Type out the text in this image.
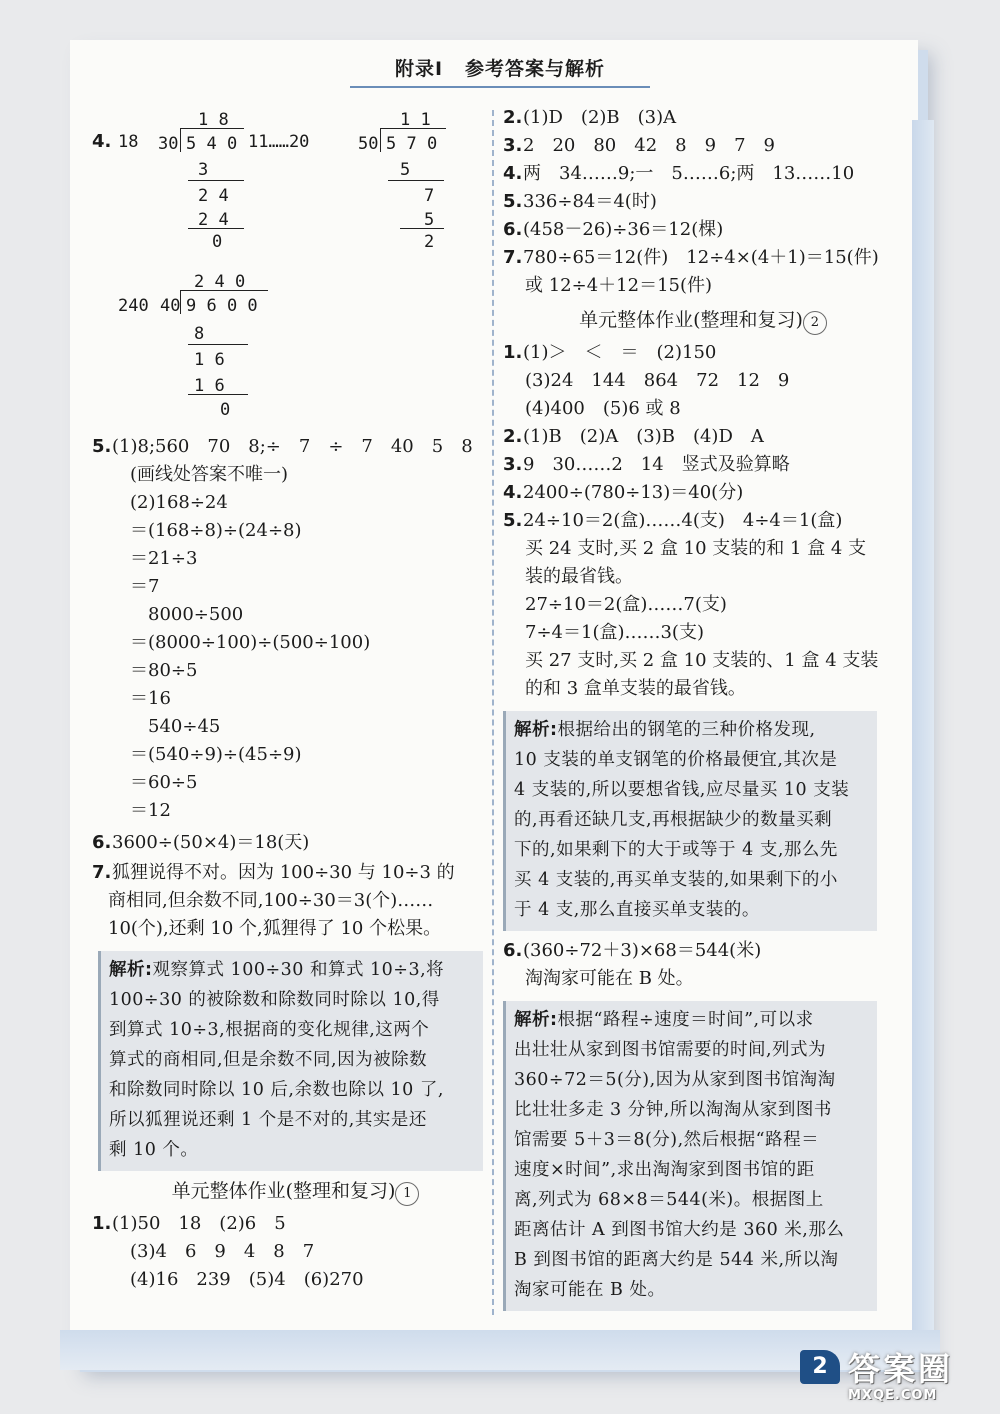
附录Ⅰ 参考答案与解析
4. 18
1 8
30 5 4 0
3
2 4
2 4
0
11……20
1 1
50 5 7 0
5
7
5
2
240
2 4 0
40 9 6 0 0
8
1 6
1 6
0
5.(1)8;560　70　8;÷　7　÷　7　40　5　8
(画线处答案不唯一)
(2)168÷24
＝(168÷8)÷(24÷8)
＝21÷3
＝7
8000÷500
＝(8000÷100)÷(500÷100)
＝80÷5
＝16
540÷45
＝(540÷9)÷(45÷9)
＝60÷5
＝12
6.3600÷(50×4)＝18(天)
7.狐狸说得不对。因为 100÷30 与 10÷3 的
商相同,但余数不同,100÷30＝3(个)……
10(个),还剩 10 个,狐狸得了 10 个松果。
解析:观察算式 100÷30 和算式 10÷3,将
100÷30 的被除数和除数同时除以 10,得
到算式 10÷3,根据商的变化规律,这两个
算式的商相同,但是余数不同,因为被除数
和除数同时除以 10 后,余数也除以 10 了,
所以狐狸说还剩 1 个是不对的,其实是还
剩 10 个。
单元整体作业(整理和复习) 1
1.(1)50　18　(2)6　5
(3)4　6　9　4　8　7
(4)16　239　(5)4　(6)270
2.(1)D　(2)B　(3)A
3.2　20　80　42　8　9　7　9
4.两　34……9;一　5……6;两　13……10
5.336÷84＝4(时)
6.(458－26)÷36＝12(棵)
7.780÷65＝12(件)　12÷4×(4＋1)＝15(件)
或 12÷4＋12＝15(件)
单元整体作业(整理和复习) 2
1.(1)＞　＜　＝　(2)150
(3)24　144　864　72　12　9
(4)400　(5)6 或 8
2.(1)B　(2)A　(3)B　(4)D　A
3.9　30……2　14　竖式及验算略
4.2400÷(780÷13)＝40(分)
5.24÷10＝2(盒)……4(支)　4÷4＝1(盒)
买 24 支时,买 2 盒 10 支装的和 1 盒 4 支
装的最省钱。
27÷10＝2(盒)……7(支)
7÷4＝1(盒)……3(支)
买 27 支时,买 2 盒 10 支装的、1 盒 4 支装
的和 3 盒单支装的最省钱。
解析:根据给出的钢笔的三种价格发现,
10 支装的单支钢笔的价格最便宜,其次是
4 支装的,所以要想省钱,应尽量买 10 支装
的,再看还缺几支,再根据缺少的数量买剩
下的,如果剩下的大于或等于 4 支,那么先
买 4 支装的,再买单支装的,如果剩下的小
于 4 支,那么直接买单支装的。
6.(360÷72＋3)×68＝544(米)
淘淘家可能在 B 处。
解析:根据“路程÷速度＝时间”,可以求
出壮壮从家到图书馆需要的时间,列式为
360÷72＝5(分),因为从家到图书馆淘淘
比壮壮多走 3 分钟,所以淘淘从家到图书
馆需要 5＋3＝8(分),然后根据“路程＝
速度×时间”,求出淘淘家到图书馆的距
离,列式为 68×8＝544(米)。根据图上
距离估计 A 到图书馆大约是 360 米,那么
B 到图书馆的距离大约是 544 米,所以淘
淘家可能在 B 处。
2 答案圈
MXQE.COM
